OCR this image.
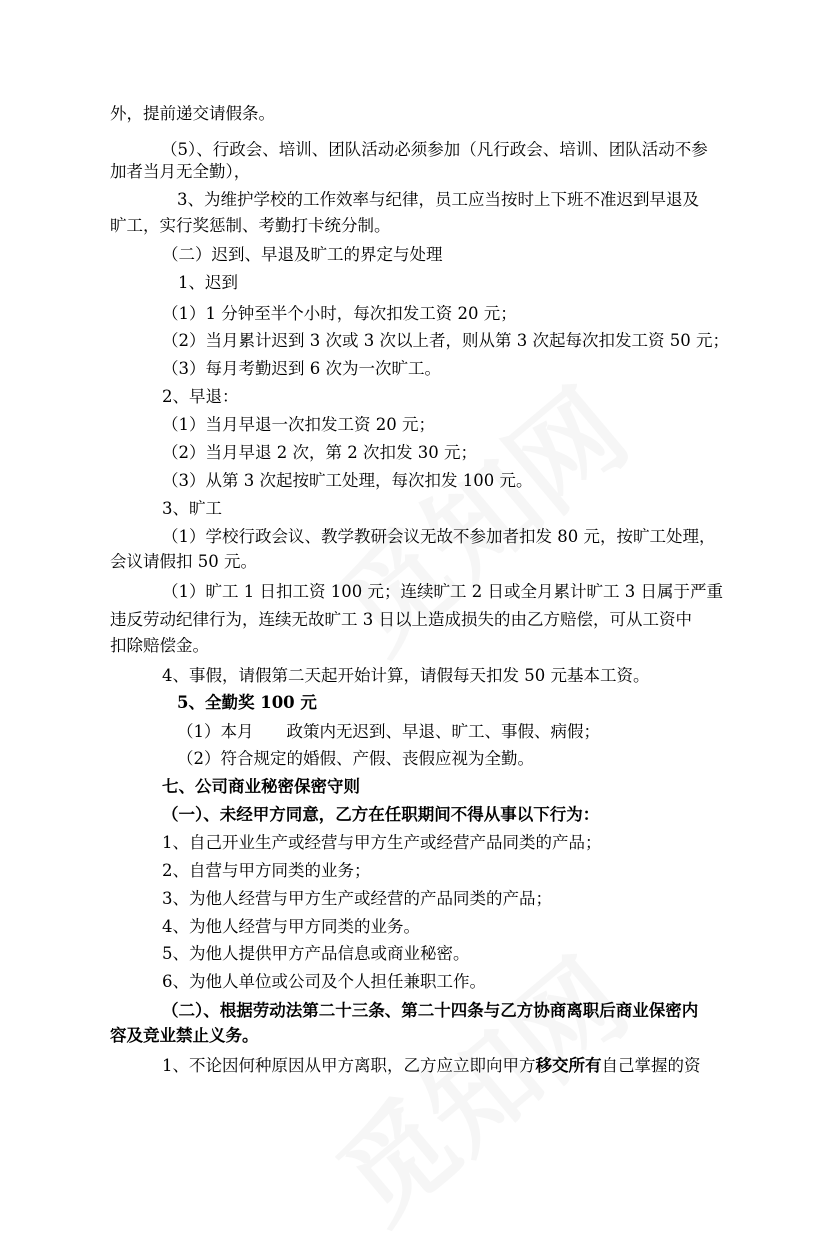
外，提前递交请假条。
（5）、行政会、培训、团队活动必须参加（凡行政会、培训、团队活动不参
加者当月无全勤），
3、为维护学校的工作效率与纪律，员工应当按时上下班不准迟到早退及
旷工，实行奖惩制、考勤打卡统分制。
（二）迟到、早退及旷工的界定与处理
1、迟到
（1）1 分钟至半个小时，每次扣发工资 20 元；
（2）当月累计迟到 3 次或 3 次以上者，则从第 3 次起每次扣发工资 50 元；
（3）每月考勤迟到 6 次为一次旷工。
2、早退：
（1）当月早退一次扣发工资 20 元；
（2）当月早退 2 次，第 2 次扣发 30 元；
（3）从第 3 次起按旷工处理，每次扣发 100 元。
3、旷工
（1）学校行政会议、教学教研会议无故不参加者扣发 80 元，按旷工处理，
会议请假扣 50 元。
（1）旷工 1 日扣工资 100 元；连续旷工 2 日或全月累计旷工 3 日属于严重
违反劳动纪律行为，连续无故旷工 3 日以上造成损失的由乙方赔偿，可从工资中
扣除赔偿金。
4、事假，请假第二天起开始计算，请假每天扣发 50 元基本工资。
5、全勤奖 100 元
（1）本月　　政策内无迟到、早退、旷工、事假、病假；
（2）符合规定的婚假、产假、丧假应视为全勤。
七、公司商业秘密保密守则
（一）、未经甲方同意，乙方在任职期间不得从事以下行为：
1、自己开业生产或经营与甲方生产或经营产品同类的产品；
2、自营与甲方同类的业务；
3、为他人经营与甲方生产或经营的产品同类的产品；
4、为他人经营与甲方同类的业务。
5、为他人提供甲方产品信息或商业秘密。
6、为他人单位或公司及个人担任兼职工作。
（二）、根据劳动法第二十三条、第二十四条与乙方协商离职后商业保密内
容及竞业禁止义务。
1、不论因何种原因从甲方离职，乙方应立即向甲方移交所有自己掌握的资
